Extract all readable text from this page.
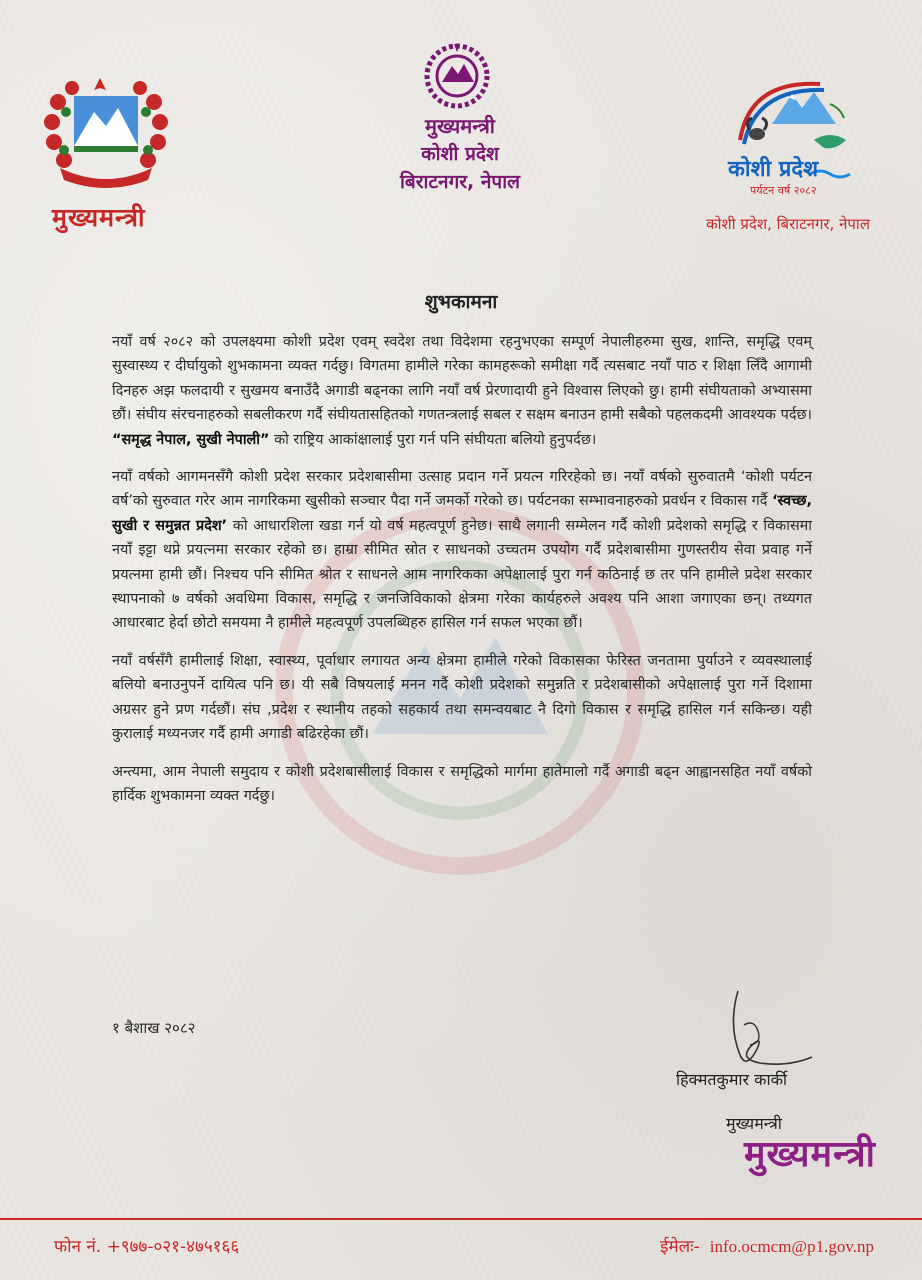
मुख्यमन्त्री
मुख्यमन्त्री
कोशी प्रदेश
बिराटनगर, नेपाल	कोशी प्रदेश
पर्यटन वर्ष २०८२
कोशी प्रदेश, बिराटनगर, नेपाल
शुभकामना

नयाँ वर्ष २०८२ को उपलक्ष्यमा कोशी प्रदेश एवम् स्वदेश तथा विदेशमा रहनुभएका सम्पूर्ण नेपालीहरुमा सुख, शान्ति, समृद्धि एवम् सुस्वास्थ्य र दीर्घायुको शुभकामना व्यक्त गर्दछु। विगतमा हामीले गरेका कामहरूको समीक्षा गर्दै त्यसबाट नयाँ पाठ र शिक्षा लिँदै आगामी दिनहरु अझ फलदायी र सुखमय बनाउँदै अगाडी बढ्नका लागि नयाँ वर्ष प्रेरणादायी हुने विश्वास लिएको छु। हामी संघीयताको अभ्यासमा छौं। संघीय संरचनाहरुको सबलीकरण गर्दै संघीयतासहितको गणतन्त्रलाई सबल र सक्षम बनाउन हामी सबैको पहलकदमी आवश्यक पर्दछ। “समृद्ध नेपाल, सुखी नेपाली” को राष्ट्रिय आकांक्षालाई पुरा गर्न पनि संघीयता बलियो हुनुपर्दछ।

नयाँ वर्षको आगमनसँगै कोशी प्रदेश सरकार प्रदेशबासीमा उत्साह प्रदान गर्ने प्रयत्न गरिरहेको छ। नयाँ वर्षको सुरुवातमै ‘कोशी पर्यटन वर्ष’को सुरुवात गरेर आम नागरिकमा खुसीको सञ्चार पैदा गर्ने जमर्को गरेको छ। पर्यटनका सम्भावनाहरुको प्रवर्धन र विकास गर्दै ‘स्वच्छ, सुखी र समुन्नत प्रदेश’ को आधारशिला खडा गर्न यो वर्ष महत्वपूर्ण हुनेछ। साथै लगानी सम्मेलन गर्दै कोशी प्रदेशको समृद्धि र विकासमा नयाँ इट्टा थप्ने प्रयत्नमा सरकार रहेको छ। हाम्रा सीमित स्रोत र साधनको उच्चतम उपयोग गर्दै प्रदेशबासीमा गुणस्तरीय सेवा प्रवाह गर्ने प्रयत्नमा हामी छौं। निश्चय पनि सीमित श्रोत र साधनले आम नागरिकका अपेक्षालाई पुरा गर्न कठिनाई छ तर पनि हामीले प्रदेश सरकार स्थापनाको ७ वर्षको अवधिमा विकास, समृद्धि र जनजिविकाको क्षेत्रमा गरेका कार्यहरुले अवश्य पनि आशा जगाएका छन्। तथ्यगत आधारबाट हेर्दा छोटो समयमा नै हामीले महत्वपूर्ण उपलब्धिहरु हासिल गर्न सफल भएका छौं।

नयाँ वर्षसँगै हामीलाई शिक्षा, स्वास्थ्य, पूर्वाधार लगायत अन्य क्षेत्रमा हामीले गरेको विकासका फेरिस्त जनतामा पुर्याउने र व्यवस्थालाई बलियो बनाउनुपर्ने दायित्व पनि छ। यी सबै विषयलाई मनन गर्दै कोशी प्रदेशको समुन्नति र प्रदेशबासीको अपेक्षालाई पुरा गर्ने दिशामा अग्रसर हुने प्रण गर्दछौं। संघ ,प्रदेश र स्थानीय तहको सहकार्य तथा समन्वयबाट नै दिगो विकास र समृद्धि हासिल गर्न सकिन्छ। यही कुरालाई मध्यनजर गर्दै हामी अगाडी बढिरहेका छौं।

अन्त्यमा, आम नेपाली समुदाय र कोशी प्रदेशबासीलाई विकास र समृद्धिको मार्गमा हातेमालो गर्दै अगाडी बढ्न आह्वानसहित नयाँ वर्षको हार्दिक शुभकामना व्यक्त गर्दछु।

१ बैशाख २०८२
हिक्मतकुमार कार्की
मुख्यमन्त्री
मुख्यमन्त्री
फोन नं. +९७७-०२१-४७५१६६	ईमेलः- info.ocmcm@p1.gov.np
